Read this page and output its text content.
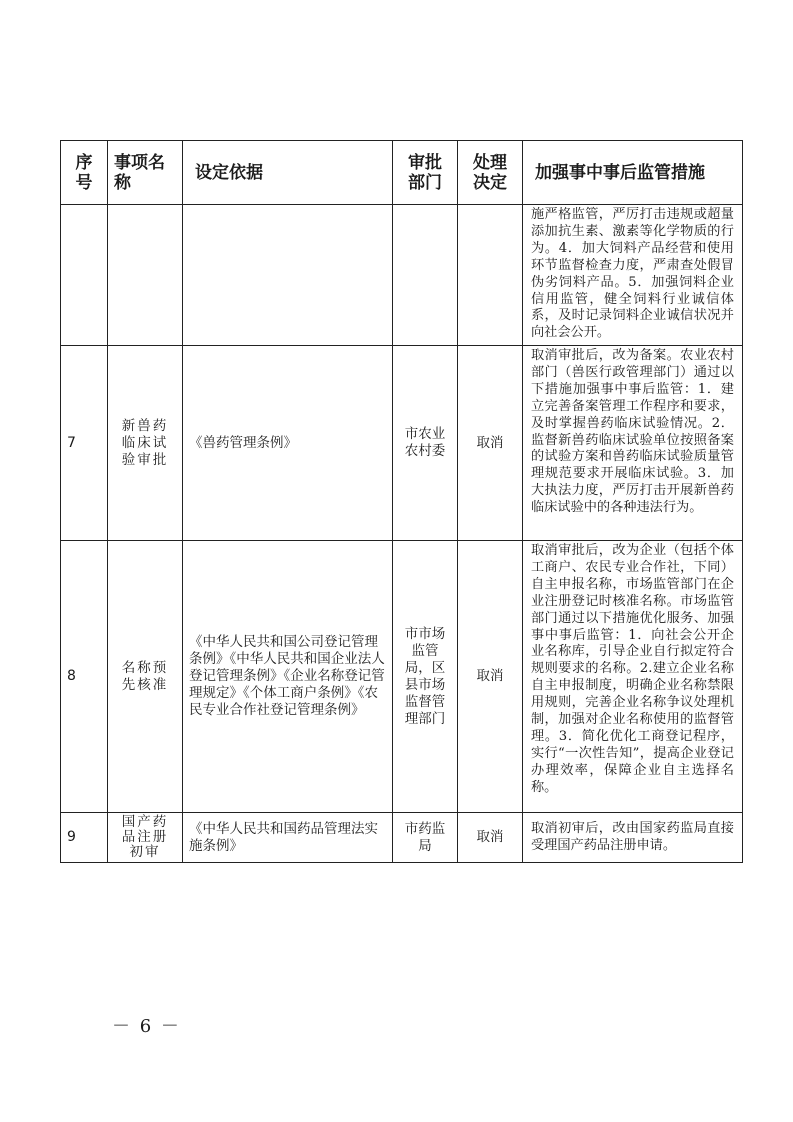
序号	事项名称	设定依据	审批部门	处理决定	加强事中事后监管措施
					施严格监管，严厉打击违规或超量添加抗生素、激素等化学物质的行为。4．加大饲料产品经营和使用环节监督检查力度，严肃查处假冒伪劣饲料产品。5．加强饲料企业信用监管，健全饲料行业诚信体系，及时记录饲料企业诚信状况并向社会公开。
7	新兽药临床试验审批	《兽药管理条例》	市农业农村委	取消	取消审批后，改为备案。农业农村部门（兽医行政管理部门）通过以下措施加强事中事后监管：1．建立完善备案管理工作程序和要求，及时掌握兽药临床试验情况。2．监督新兽药临床试验单位按照备案的试验方案和兽药临床试验质量管理规范要求开展临床试验。3．加大执法力度，严厉打击开展新兽药临床试验中的各种违法行为。
8	名称预先核准	《中华人民共和国公司登记管理条例》《中华人民共和国企业法人登记管理条例》《企业名称登记管理规定》《个体工商户条例》《农民专业合作社登记管理条例》	市市场监管局，区县市场监督管理部门	取消	取消审批后，改为企业（包括个体工商户、农民专业合作社，下同）自主申报名称，市场监管部门在企业注册登记时核准名称。市场监管部门通过以下措施优化服务、加强事中事后监管：1．向社会公开企业名称库，引导企业自行拟定符合规则要求的名称。2.建立企业名称自主申报制度，明确企业名称禁限用规则，完善企业名称争议处理机制，加强对企业名称使用的监督管理。3．简化优化工商登记程序，实行“一次性告知”，提高企业登记办理效率，保障企业自主选择名称。
9	国产药品注册初审	《中华人民共和国药品管理法实施条例》	市药监局	取消	取消初审后，改由国家药监局直接受理国产药品注册申请。
－ 6 －
